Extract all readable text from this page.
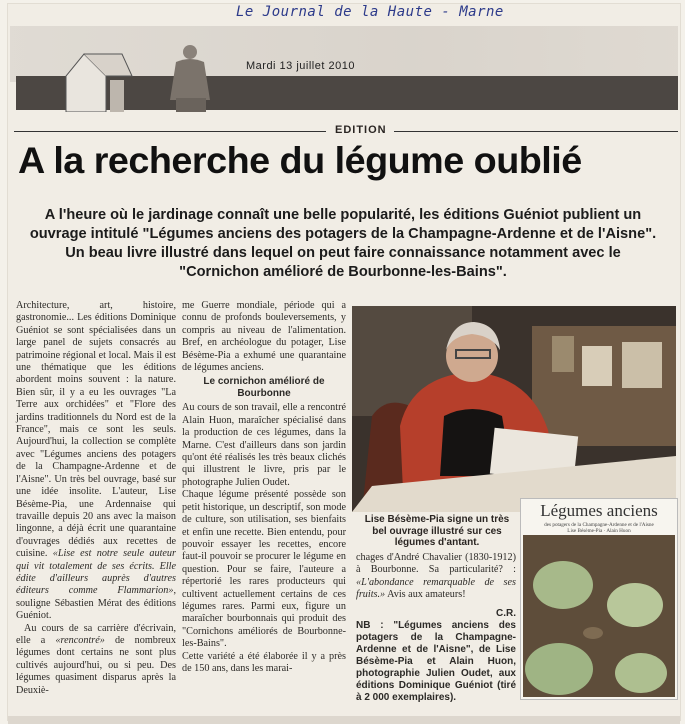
Le Journal de la Haute - Marne
Mardi 13 juillet 2010
EDITION
A la recherche du légume oublié
A l'heure où le jardinage connaît une belle popularité, les éditions Guéniot publient un ouvrage intitulé "Légumes anciens des potagers de la Champagne-Ardenne et de l'Aisne". Un beau livre illustré dans lequel on peut faire connaissance notamment avec le "Cornichon amélioré de Bourbonne-les-Bains".

Architecture, art, histoire, gastronomie... Les éditions Dominique Guéniot se sont spécialisées dans un large panel de sujets consacrés au patrimoine régional et local. Mais il est une thématique que les éditions abordent moins souvent : la nature. Bien sûr, il y a eu les ouvrages "La Terre aux orchidées" et "Flore des jardins traditionnels du Nord est de la France", mais ce sont les seuls. Aujourd'hui, la collection se complète avec "Légumes anciens des potagers de la Champagne-Ardenne et de l'Aisne". Un très bel ouvrage, basé sur une idée insolite. L'auteur, Lise Bésème-Pia, une Ardennaise qui travaille depuis 20 ans avec la maison lingonne, a déjà écrit une quarantaine d'ouvrages dédiés aux recettes de cuisine. «Lise est notre seule auteur qui vit totalement de ses écrits. Elle édite d'ailleurs auprès d'autres éditeurs comme Flammarion», souligne Sébastien Mérat des éditions Guéniot.

Au cours de sa carrière d'écrivain, elle a «rencontré» de nombreux légumes dont certains ne sont plus cultivés aujourd'hui, ou si peu. Des légumes quasiment disparus après la Deuxiè-

me Guerre mondiale, période qui a connu de profonds bouleversements, y compris au niveau de l'alimentation. Bref, en archéologue du potager, Lise Bésème-Pia a exhumé une quarantaine de légumes anciens.

Le cornichon amélioré de Bourbonne

Au cours de son travail, elle a rencontré Alain Huon, maraîcher spécialisé dans la production de ces légumes, dans la Marne. C'est d'ailleurs dans son jardin qu'ont été réalisés les très beaux clichés qui illustrent le livre, pris par le photographe Julien Oudet.

Chaque légume présenté possède son petit historique, un descriptif, son mode de culture, son utilisation, ses bienfaits et enfin une recette. Bien entendu, pour pouvoir essayer les recettes, encore faut-il pouvoir se procurer le légume en question. Pour se faire, l'auteure a répertorié les rares producteurs qui cultivent actuellement certains de ces légumes rares. Parmi eux, figure un maraîcher bourbonnais qui produit des "Cornichons améliorés de Bourbonne-les-Bains".

Cette variété a été élaborée il y a près de 150 ans, dans les marai-

Lise Bésème-Pia signe un très bel ouvrage illustré sur ces légumes d'antant.

chages d'André Chavalier (1830-1912) à Bourbonne. Sa particularité? : «L'abondance remarquable de ses fruits.» Avis aux amateurs!

C.R.

NB : "Légumes anciens des potagers de la Champagne-Ardenne et de l'Aisne", de Lise Bésème-Pia et Alain Huon, photographie Julien Oudet, aux éditions Dominique Guéniot (tiré à 2 000 exemplaires).

Légumes anciens
des potagers de la Champagne-Ardenne et de l'Aisne
Lise Bésème-Pia · Alain Huon
